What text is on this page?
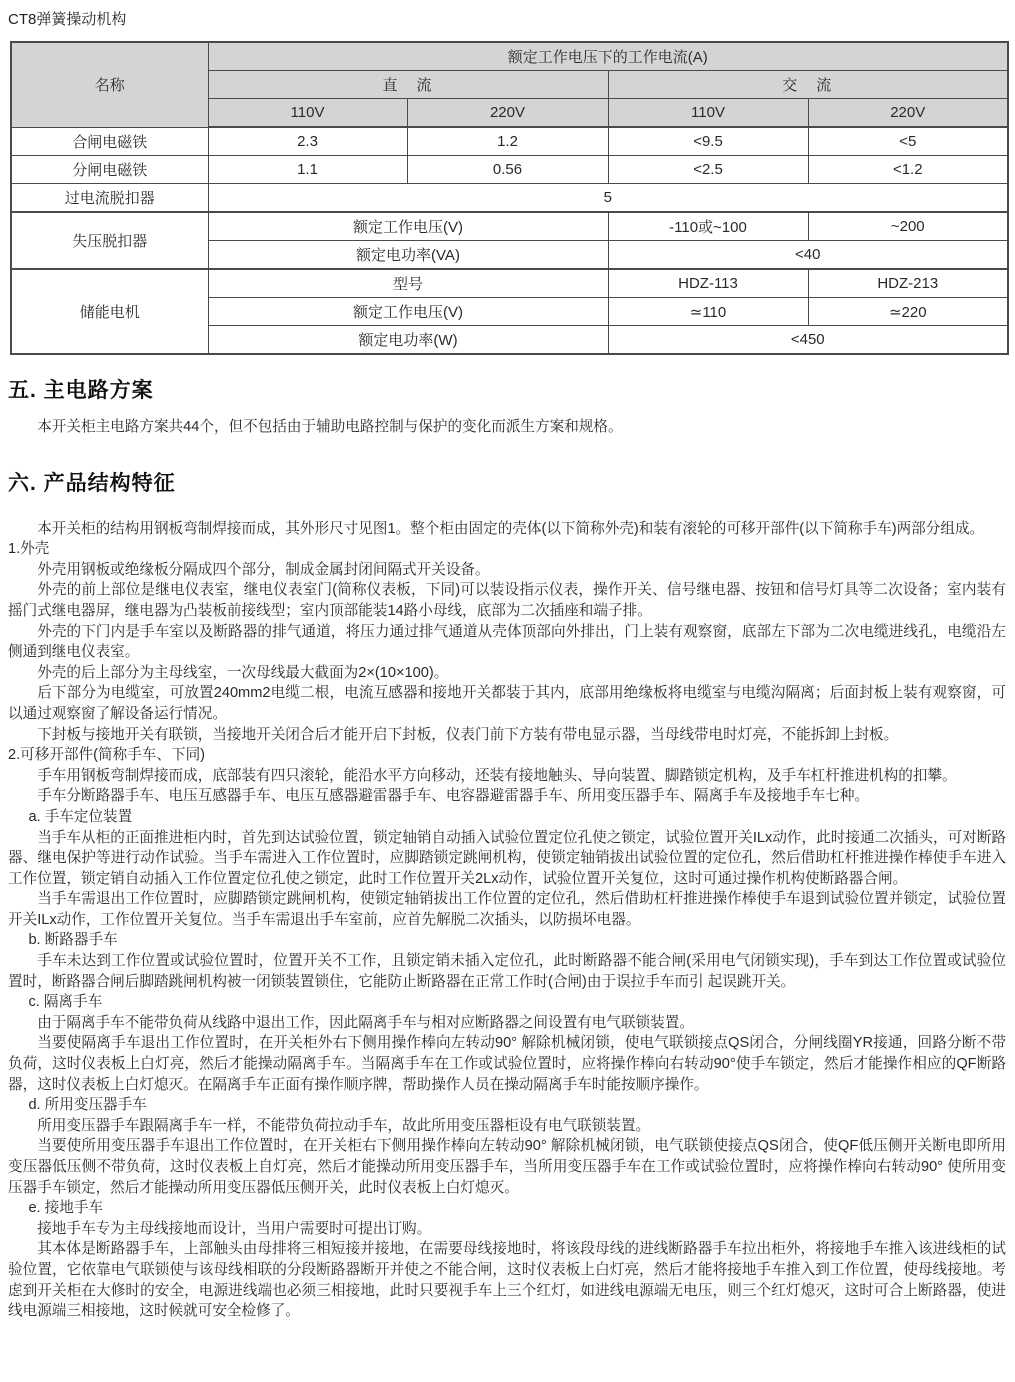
CT8弹簧操动机构
名称	额定工作电压下的工作电流(A)			
	直　流		交　流	
	110V	220V	110V	220V
合闸电磁铁	2.3	1.2	<9.5	<5
分闸电磁铁	1.1	0.56	<2.5	<1.2
过电流脱扣器	5			
失压脱扣器	额定工作电压(V)		-110或~100	~200
	额定电功率(VA)		<40	
储能电机	型号		HDZ-113	HDZ-213
	额定工作电压(V)		≃110	≃220
	额定电功率(W)		<450	
五. 主电路方案

本开关柜主电路方案共44个，但不包括由于辅助电路控制与保护的变化而派生方案和规格。

六. 产品结构特征

本开关柜的结构用钢板弯制焊接而成，其外形尺寸见图1。整个柜由固定的壳体(以下简称外壳)和装有滚轮的可移开部件(以下简称手车)两部分组成。

1.外壳

外壳用钢板或绝缘板分隔成四个部分，制成金属封闭间隔式开关设备。

外壳的前上部位是继电仪表室，继电仪表室门(简称仪表板，下同)可以装设指示仪表，操作开关、信号继电器、按钮和信号灯具等二次设备；室内装有摇门式继电器屏，继电器为凸装板前接线型；室内顶部能装14路小母线，底部为二次插座和端子排。

外壳的下门内是手车室以及断路器的排气通道，将压力通过排气通道从壳体顶部向外排出，门上装有观察窗，底部左下部为二次电缆进线孔，电缆沿左侧通到继电仪表室。

外壳的后上部分为主母线室，一次母线最大截面为2×(10×100)。

后下部分为电缆室，可放置240mm2电缆二根，电流互感器和接地开关都装于其内，底部用绝缘板将电缆室与电缆沟隔离；后面封板上装有观察窗，可以通过观察窗了解设备运行情况。

下封板与接地开关有联锁，当接地开关闭合后才能开启下封板，仪表门前下方装有带电显示器，当母线带电时灯亮，不能拆卸上封板。

2.可移开部件(简称手车、下同)

手车用钢板弯制焊接而成，底部装有四只滚轮，能沿水平方向移动，还装有接地触头、导向装置、脚踏锁定机构，及手车杠杆推进机构的扣攀。

手车分断路器手车、电压互感器手车、电压互感器避雷器手车、电容器避雷器手车、所用变压器手车、隔离手车及接地手车七种。

a. 手车定位装置

当手车从柜的正面推进柜内时，首先到达试验位置，锁定轴销自动插入试验位置定位孔使之锁定，试验位置开关ILx动作，此时接通二次插头，可对断路器、继电保护等进行动作试验。当手车需进入工作位置时，应脚踏锁定跳闸机构，使锁定轴销拔出试验位置的定位孔，然后借助杠杆推进操作棒使手车进入工作位置，锁定销自动插入工作位置定位孔使之锁定，此时工作位置开关2Lx动作，试验位置开关复位，这时可通过操作机构使断路器合闸。

当手车需退出工作位置时，应脚踏锁定跳闸机构，使锁定轴销拔出工作位置的定位孔，然后借助杠杆推进操作棒使手车退到试验位置并锁定，试验位置开关ILx动作，工作位置开关复位。当手车需退出手车室前，应首先解脱二次插头，以防损坏电器。

b. 断路器手车

手车未达到工作位置或试验位置时，位置开关不工作，且锁定销未插入定位孔，此时断路器不能合闸(采用电气闭锁实现)，手车到达工作位置或试验位置时，断路器合闸后脚踏跳闸机构被一闭锁装置锁住，它能防止断路器在正常工作时(合闸)由于误拉手车而引 起误跳开关。

c. 隔离手车

由于隔离手车不能带负荷从线路中退出工作，因此隔离手车与相对应断路器之间设置有电气联锁装置。

当要使隔离手车退出工作位置时，在开关柜外右下侧用操作棒向左转动90° 解除机械闭锁，使电气联锁接点QS闭合，分闸线圈YR接通，回路分断不带负荷，这时仪表板上白灯亮，然后才能操动隔离手车。当隔离手车在工作或试验位置时，应将操作棒向右转动90°使手车锁定，然后才能操作相应的QF断路器，这时仪表板上白灯熄灭。在隔离手车正面有操作顺序牌，帮助操作人员在操动隔离手车时能按顺序操作。

d. 所用变压器手车

所用变压器手车跟隔离手车一样，不能带负荷拉动手车，故此所用变压器柜设有电气联锁装置。

当要使所用变压器手车退出工作位置时，在开关柜右下侧用操作棒向左转动90° 解除机械闭锁，电气联锁使接点QS闭合，使QF低压侧开关断电即所用变压器低压侧不带负荷，这时仪表板上自灯亮，然后才能操动所用变压器手车，当所用变压器手车在工作或试验位置时，应将操作棒向右转动90° 使所用变压器手车锁定，然后才能操动所用变压器低压侧开关，此时仪表板上白灯熄灭。

e. 接地手车

接地手车专为主母线接地而设计，当用户需要时可提出订购。

其本体是断路器手车，上部触头由母排将三相短接并接地，在需要母线接地时，将该段母线的进线断路器手车拉出柜外，将接地手车推入该进线柜的试验位置，它依靠电气联锁使与该母线相联的分段断路器断开并使之不能合闸，这时仪表板上白灯亮，然后才能将接地手车推入到工作位置，使母线接地。考虑到开关柜在大修时的安全，电源进线端也必须三相接地，此时只要视手车上三个红灯，如进线电源端无电压，则三个红灯熄灭，这时可合上断路器，使进线电源端三相接地，这时候就可安全检修了。
